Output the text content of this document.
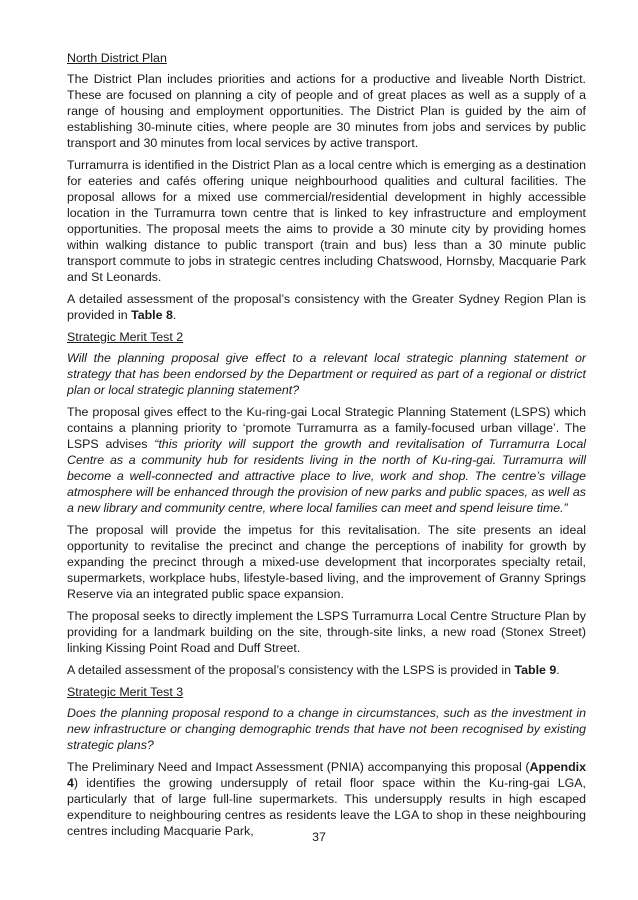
North District Plan

The District Plan includes priorities and actions for a productive and liveable North District. These are focused on planning a city of people and of great places as well as a supply of a range of housing and employment opportunities. The District Plan is guided by the aim of establishing 30-minute cities, where people are 30 minutes from jobs and services by public transport and 30 minutes from local services by active transport.

Turramurra is identified in the District Plan as a local centre which is emerging as a destination for eateries and cafés offering unique neighbourhood qualities and cultural facilities. The proposal allows for a mixed use commercial/residential development in highly accessible location in the Turramurra town centre that is linked to key infrastructure and employment opportunities. The proposal meets the aims to provide a 30 minute city by providing homes within walking distance to public transport (train and bus) less than a 30 minute public transport commute to jobs in strategic centres including Chatswood, Hornsby, Macquarie Park and St Leonards.

A detailed assessment of the proposal’s consistency with the Greater Sydney Region Plan is provided in Table 8.

Strategic Merit Test 2

Will the planning proposal give effect to a relevant local strategic planning statement or strategy that has been endorsed by the Department or required as part of a regional or district plan or local strategic planning statement?

The proposal gives effect to the Ku-ring-gai Local Strategic Planning Statement (LSPS) which contains a planning priority to ‘promote Turramurra as a family-focused urban village’. The LSPS advises “this priority will support the growth and revitalisation of Turramurra Local Centre as a community hub for residents living in the north of Ku-ring-gai. Turramurra will become a well-connected and attractive place to live, work and shop. The centre’s village atmosphere will be enhanced through the provision of new parks and public spaces, as well as a new library and community centre, where local families can meet and spend leisure time.”

The proposal will provide the impetus for this revitalisation. The site presents an ideal opportunity to revitalise the precinct and change the perceptions of inability for growth by expanding the precinct through a mixed-use development that incorporates specialty retail, supermarkets, workplace hubs, lifestyle-based living, and the improvement of Granny Springs Reserve via an integrated public space expansion.

The proposal seeks to directly implement the LSPS Turramurra Local Centre Structure Plan by providing for a landmark building on the site, through-site links, a new road (Stonex Street) linking Kissing Point Road and Duff Street.

A detailed assessment of the proposal’s consistency with the LSPS is provided in Table 9.

Strategic Merit Test 3

Does the planning proposal respond to a change in circumstances, such as the investment in new infrastructure or changing demographic trends that have not been recognised by existing strategic plans?

The Preliminary Need and Impact Assessment (PNIA) accompanying this proposal (Appendix 4) identifies the growing undersupply of retail floor space within the Ku-ring-gai LGA, particularly that of large full-line supermarkets. This undersupply results in high escaped expenditure to neighbouring centres as residents leave the LGA to shop in these neighbouring centres including Macquarie Park,	37
